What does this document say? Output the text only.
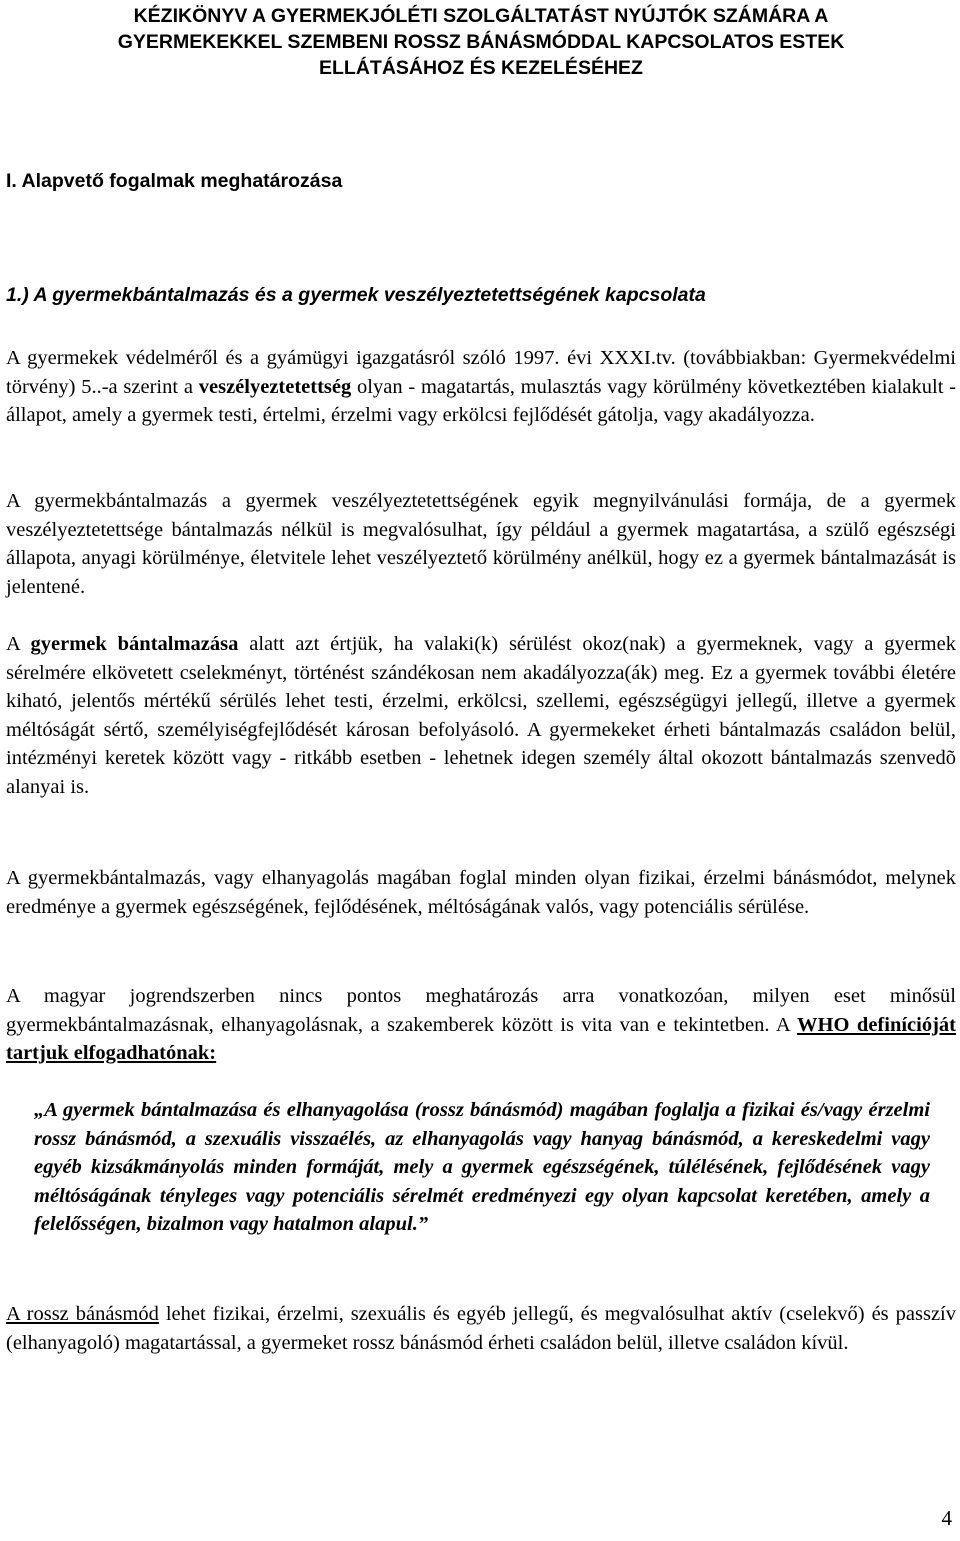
KÉZIKÖNYV A GYERMEKJÓLÉTI SZOLGÁLTATÁST NYÚJTÓK SZÁMÁRA A
GYERMEKEKKEL SZEMBENI ROSSZ BÁNÁSMÓDDAL KAPCSOLATOS ESTEK
ELLÁTÁSÁHOZ ÉS KEZELÉSÉHEZ
I. Alapvető fogalmak meghatározása
1.) A gyermekbántalmazás és a gyermek veszélyeztetettségének kapcsolata
A gyermekek védelméről és a gyámügyi igazgatásról szóló 1997. évi XXXI.tv. (továbbiakban: Gyermekvédelmi törvény) 5..-a szerint a veszélyeztetettség olyan - magatartás, mulasztás vagy körülmény következtében kialakult - állapot, amely a gyermek testi, értelmi, érzelmi vagy erkölcsi fejlődését gátolja, vagy akadályozza.
A gyermekbántalmazás a gyermek veszélyeztetettségének egyik megnyilvánulási formája, de a gyermek veszélyeztetettsége bántalmazás nélkül is megvalósulhat, így például a gyermek magatartása, a szülő egészségi állapota, anyagi körülménye, életvitele lehet veszélyeztető körülmény anélkül, hogy ez a gyermek bántalmazását is jelentené.
A gyermek bántalmazása alatt azt értjük, ha valaki(k) sérülést okoz(nak) a gyermeknek, vagy a gyermek sérelmére elkövetett cselekményt, történést szándékosan nem akadályozza(ák) meg. Ez a gyermek további életére kiható, jelentős mértékű sérülés lehet testi, érzelmi, erkölcsi, szellemi, egészségügyi jellegű, illetve a gyermek méltóságát sértő, személyiségfejlődését károsan befolyásoló. A gyermekeket érheti bántalmazás családon belül, intézményi keretek között vagy - ritkább esetben - lehetnek idegen személy által okozott bántalmazás szenvedõ alanyai is.
A gyermekbántalmazás, vagy elhanyagolás magában foglal minden olyan fizikai, érzelmi bánásmódot, melynek eredménye a gyermek egészségének, fejlődésének, méltóságának valós, vagy potenciális sérülése.
A magyar jogrendszerben nincs pontos meghatározás arra vonatkozóan, milyen eset minősül gyermekbántalmazásnak, elhanyagolásnak, a szakemberek között is vita van e tekintetben. A WHO definícióját tartjuk elfogadhatónak:
„A gyermek bántalmazása és elhanyagolása (rossz bánásmód) magában foglalja a fizikai és/vagy érzelmi rossz bánásmód, a szexuális visszaélés, az elhanyagolás vagy hanyag bánásmód, a kereskedelmi vagy egyéb kizsákmányolás minden formáját, mely a gyermek egészségének, túlélésének, fejlődésének vagy méltóságának tényleges vagy potenciális sérelmét eredményezi egy olyan kapcsolat keretében, amely a felelősségen, bizalmon vagy hatalmon alapul.”
A rossz bánásmód lehet fizikai, érzelmi, szexuális és egyéb jellegű, és megvalósulhat aktív (cselekvő) és passzív (elhanyagoló) magatartással, a gyermeket rossz bánásmód érheti családon belül, illetve családon kívül.
4
